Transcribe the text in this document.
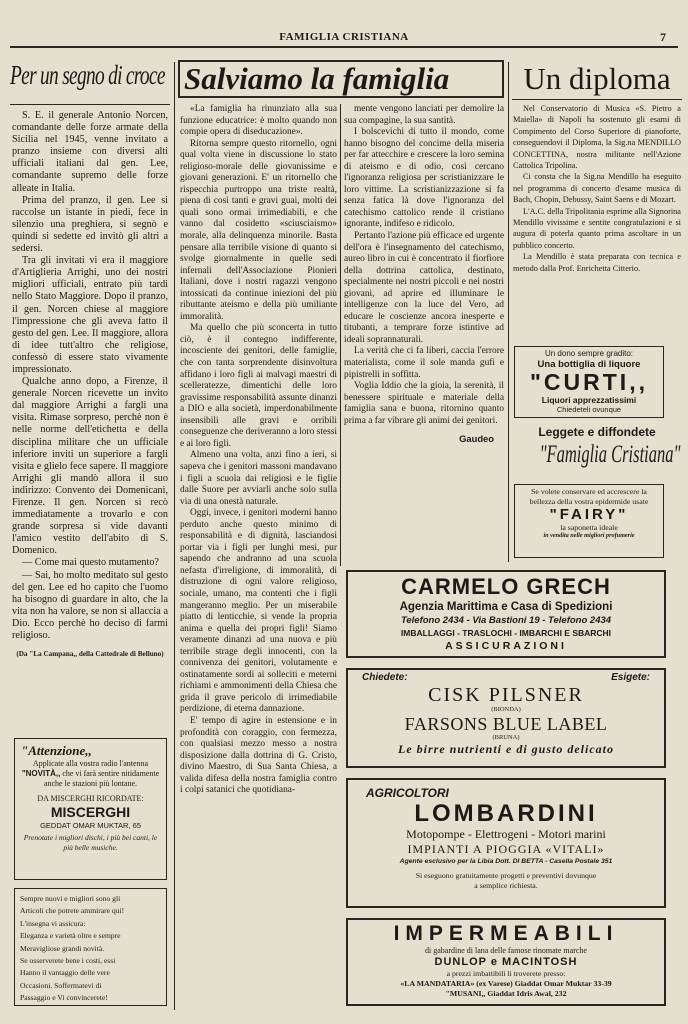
FAMIGLIA CRISTIANA	7
Per un segno di croce

S. E. il generale Antonio Norcen, comandante delle forze armate della Sicilia nel 1945, venne invitato a pranzo insieme con diversi alti ufficiali italiani dal gen. Lee, comandante supremo delle forze alleate in Italia.

Prima del pranzo, il gen. Lee si raccolse un istante in piedi, fece in silenzio una preghiera, si segnò e quindi si sedette ed invitò gli altri a sedersi.

Tra gli invitati vi era il maggiore d'Artiglieria Arrighi, uno dei nostri migliori ufficiali, entrato più tardi nello Stato Maggiore. Dopo il pranzo, il gen. Norcen chiese al maggiore l'impressione che gli aveva fatto il gesto del gen. Lee. Il maggiore, allora di idee tutt'altro che religiose, confessò di essere stato vivamente impressionato.

Qualche anno dopo, a Firenze, il generale Norcen ricevette un invito dal maggiore Arrighi a fargli una visita. Rimase sorpreso, perchè non è nelle norme dell'etichetta e della disciplina militare che un ufficiale inferiore inviti un superiore a fargli visita e glielo fece sapere. Il maggiore Arrighi gli mandò allora il suo indirizzo: Convento dei Domenicani, Firenze. Il gen. Norcen si recò immediatamente a trovarlo e con grande sorpresa si vide davanti l'amico vestito dell'abito di S. Domenico.

— Come mai questo mutamento?

— Sai, ho molto meditato sul gesto del gen. Lee ed ho capito che l'uomo ha bisogno di guardare in alto, che la vita non ha valore, se non si allaccia a Dio. Ecco perchè ho deciso di farmi religioso.

(Da "La Campana,, della Cattedrale di Belluno)
"Attenzione,,
Applicate alla vostra radio l'antenna "NOVITÀ,, che vi farà sentire nitidamente anche le stazioni più lontane.
DA MISCERGHI RICORDATE:
MISCERGHI
GEDDAT OMAR MUKTAR, 65
Prenotate i migliori dischi, i più bei canti, le più belle musiche.
Sempre nuovi e migliori sono gli
Articoli che potrete ammirare qui!
L'insegna vi assicura:
Eleganza e varietà oltre e sempre
Meravigliose grandi novità.
Se osserverete bene i costi, essi
Hanno il vantaggio delle vere
Occasioni. Soffermatevi di
Passaggio e Vi convincerete!
Salviamo la famiglia

«La famiglia ha rinunziato alla sua funzione educatrice: è molto quando non compie opera di diseducazione».

Ritorna sempre questo ritornello, ogni qual volta viene in discussione lo stato religioso-morale delle giovanissime e giovani generazioni. E' un ritornello che rispecchia purtroppo una triste realtà, piena di così tanti e gravi guai, molti dei quali sono ormai irrimediabili, e che vanno dal cosidetto «sciusciaismo» morale, alla delinquenza minorile. Basta pensare alla terribile visione di quanto si svolge giornalmente in quelle sedi infernali dell'Associazione Pionieri Italiani, dove i nostri ragazzi vengono intossicati da continue iniezioni del più ributtante ateismo e della più umiliante immoralità.

Ma quello che più sconcerta in tutto ciò, è il contegno indifferente, incosciente dei genitori, delle famiglie, che con tanta sorprendente disinvoltura affidano i loro figli ai malvagi maestri di scelleratezze, dimentichi delle loro gravissime responsabilità assunte dinanzi a DIO e alla società, imperdonabilmente insensibili alle gravi e orribili conseguenze che deriveranno a loro stessi e ai loro figli.

Almeno una volta, anzi fino a ieri, si sapeva che i genitori massoni mandavano i figli a scuola dai religiosi e le figlie dalle Suore per avviarli anche solo sulla via di una onestà naturale.

Oggi, invece, i genitori moderni hanno perduto anche questo minimo di responsabilità e di dignità, lasciandosi portar via i figli per lunghi mesi, pur sapendo che andranno ad una scuola nefasta d'irreligione, di immoralità, di distruzione di ogni valore religioso, sociale, umano, ma contenti che i figli mangeranno meglio. Per un miserabile piatto di lenticchie, si vende la propria anima e quella dei propri figli! Siamo veramente dinanzi ad una nuova e più terribile strage degli innocenti, con la connivenza dei genitori, volutamente e ostinatamente sordi ai solleciti e meterni richiami e ammonimenti della Chiesa che grida il grave pericolo di irrimediabile perdizione, di eterna dannazione.

E' tempo di agire in estensione e in profondità con coraggio, con fermezza, con qualsiasi mezzo messo a nostra disposizione dalla dottrina di G. Cristo, divino Maestro, di Sua Santa Chiesa, a valida difesa della nostra famiglia contro i colpi satanici che quotidiana-

mente vengono lanciati per demolire la sua compagine, la sua santità.

I bolscevichi di tutto il mondo, come hanno bisogno del concime della miseria per far attecchire e crescere la loro semina di ateismo e di odio, così cercano l'ignoranza religiosa per scristianizzare le loro vittime. La scristianizzazione si fa senza fatica là dove l'ignoranza del catechismo cattolico rende il cristiano ignorante, indifeso e ridicolo.

Pertanto l'azione più efficace ed urgente dell'ora è l'insegnamento del catechismo, aureo libro in cui è concentrato il fiorfiore della dottrina cattolica, destinato, specialmente nei nostri piccoli e nei nostri giovani, ad aprire ed illuminare le intelligenze con la luce del Vero, ad educare le coscienze ancora inesperte e titubanti, a temprare forze istintive ad ideali soprannaturali.

La verità che ci fa liberi, caccia l'errore materialista, come il sole manda gufi e pipistrelli in soffitta.

Voglia Iddio che la gioia, la serenità, il benessere spirituale e materiale della famiglia sana e buona, ritornino quanto prima a far vibrare gli animi dei genitori.

Gaudeo
Un diploma

Nel Conservatorio di Musica «S. Pietro a Maiella» di Napoli ha sostenuto gli esami di Compimento del Corso Superiore di pianoforte, conseguendovi il Diploma, la Sig.na MENDILLO CONCETTINA, nostra militante nell'Azione Cattolica Tripolina.

Ci consta che la Sig.na Mendillo ha eseguito nel programma di concerto d'esame musica di Bach, Chopin, Debussy, Saint Saens e di Mozart.

L'A.C. della Tripolitania esprime alla Signorina Mendillo vivissime e sentite congratulazioni e si augura di poterla quanto prima ascoltare in un pubblico concerto.

La Mendillo è stata preparata con tecnica e metodo dalla Prof. Enrichetta Citterio.

Un dono sempre gradito:
Una bottiglia di liquore
"CURTI,,
Liquori apprezzatissimi
Chiedeteli ovunque
Leggete e diffondete
"Famiglia Cristiana"
Se volete conservare ed accrescere la bellezza della vostra epidermide usate
"FAIRY"
la saponetta ideale
in vendita nelle migliori profumerie
CARMELO GRECH
Agenzia Marittima e Casa di Spedizioni
Telefono 2434 - Via Bastioni 19 - Telefono 2434
IMBALLAGGI - TRASLOCHI - IMBARCHI E SBARCHI
ASSICURAZIONI
Chiedete:	Esigete:
CISK PILSNER
(BIONDA)
FARSONS BLUE LABEL
(BRUNA)
Le birre nutrienti e di gusto delicato
AGRICOLTORI
LOMBARDINI
Motopompe - Elettrogeni - Motori marini
IMPIANTI A PIOGGIA «VITALI»
Agente esclusivo per la Libia Dott. DI BETTA - Casella Postale 351
Si eseguono gratuitamente progetti e preventivi dovunque
a semplice richiesta.
IMPERMEABILI
di gabardine di lana delle famose rinomate marche
DUNLOP e MACINTOSH
a prezzi imbattibili li troverete presso:
«LA MANDATARIA» (ex Varese) Giaddat Omar Muktar 33-39
"MUSANI,, Giaddat Idris Awal, 232
